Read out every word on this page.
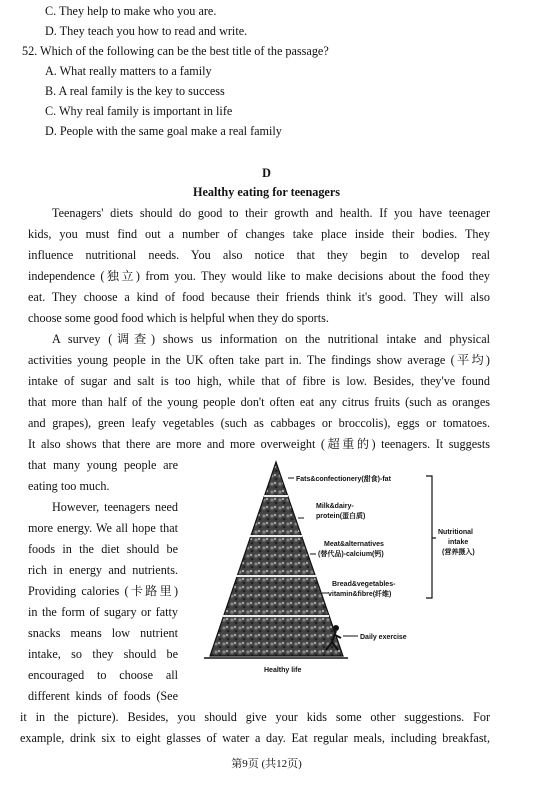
C. They help to make who you are.
D. They teach you how to read and write.
52. Which of the following can be the best title of the passage?
A. What really matters to a family
B. A real family is the key to success
C. Why real family is important in life
D. People with the same goal make a real family
D
Healthy eating for teenagers
Teenagers' diets should do good to their growth and health. If you have teenager
kids, you must find out a number of changes take place inside their bodies. They
influence nutritional needs. You also notice that they begin to develop real
independence (独立) from you. They would like to make decisions about the food they
eat. They choose a kind of food because their friends think it's good. They will also
choose some good food which is helpful when they do sports.
A survey (调查) shows us information on the nutritional intake and physical
activities young people in the UK often take part in. The findings show average (平均)
intake of sugar and salt is too high, while that of fibre is low. Besides, they've found
that more than half of the young people don't often eat any citrus fruits (such as oranges
and grapes), green leafy vegetables (such as cabbages or broccolis), eggs or tomatoes.
It also shows that there are more and more overweight (超重的) teenagers. It suggests
that many young people are
eating too much.
However, teenagers need
more energy. We all hope that
foods in the diet should be
rich in energy and nutrients.
Providing calories (卡路里)
in the form of sugary or fatty
snacks means low nutrient
intake, so they should be
encouraged to choose all
different kinds of foods (See
it in the picture). Besides, you should give your kids some other suggestions. For
example, drink six to eight glasses of water a day. Eat regular meals, including breakfast,
Fats&confectionery(甜食)-fat
Milk&dairy-
protein(蛋白质)
Meat&alternatives
(替代品)-calcium(钙)
Bread&vegetables-
vitamin&fibre(纤维)
Daily exercise
Healthy life
Nutritional
intake
(营养摄入)
第9页 (共12页)
